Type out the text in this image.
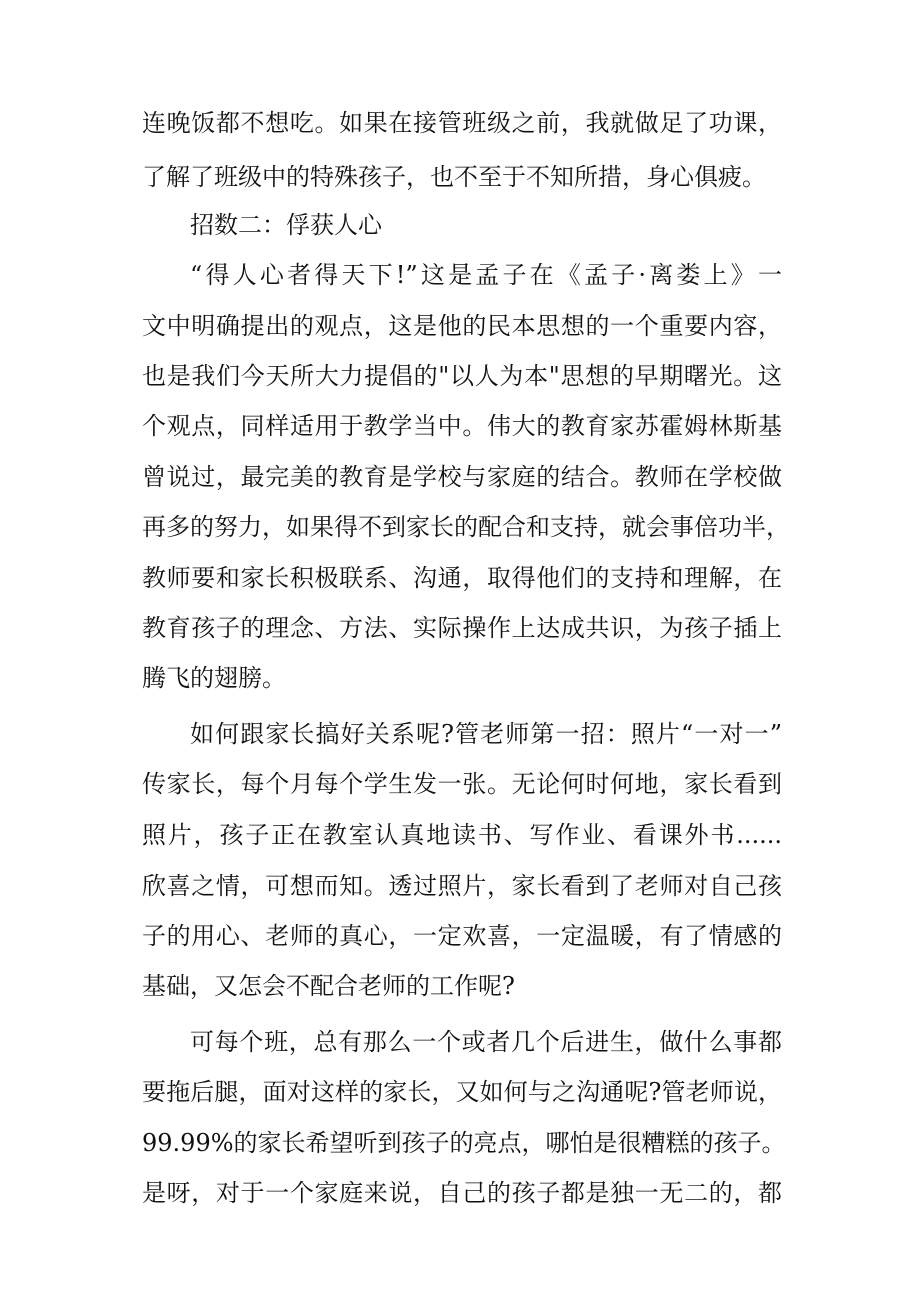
连晚饭都不想吃。如果在接管班级之前，我就做足了功课，
了解了班级中的特殊孩子，也不至于不知所措，身心俱疲。
招数二：俘获人心
“得人心者得天下!”这是孟子在《孟子·离娄上》一
文中明确提出的观点，这是他的民本思想的一个重要内容，
也是我们今天所大力提倡的"以人为本"思想的早期曙光。这
个观点，同样适用于教学当中。伟大的教育家苏霍姆林斯基
曾说过，最完美的教育是学校与家庭的结合。教师在学校做
再多的努力，如果得不到家长的配合和支持，就会事倍功半，
教师要和家长积极联系、沟通，取得他们的支持和理解，在
教育孩子的理念、方法、实际操作上达成共识，为孩子插上
腾飞的翅膀。
如何跟家长搞好关系呢?管老师第一招：照片“一对一”
传家长，每个月每个学生发一张。无论何时何地，家长看到
照片，孩子正在教室认真地读书、写作业、看课外书......
欣喜之情，可想而知。透过照片，家长看到了老师对自己孩
子的用心、老师的真心，一定欢喜，一定温暖，有了情感的
基础，又怎会不配合老师的工作呢?
可每个班，总有那么一个或者几个后进生，做什么事都
要拖后腿，面对这样的家长，又如何与之沟通呢?管老师说，
99.99%的家长希望听到孩子的亮点，哪怕是很糟糕的孩子。
是呀，对于一个家庭来说，自己的孩子都是独一无二的，都
